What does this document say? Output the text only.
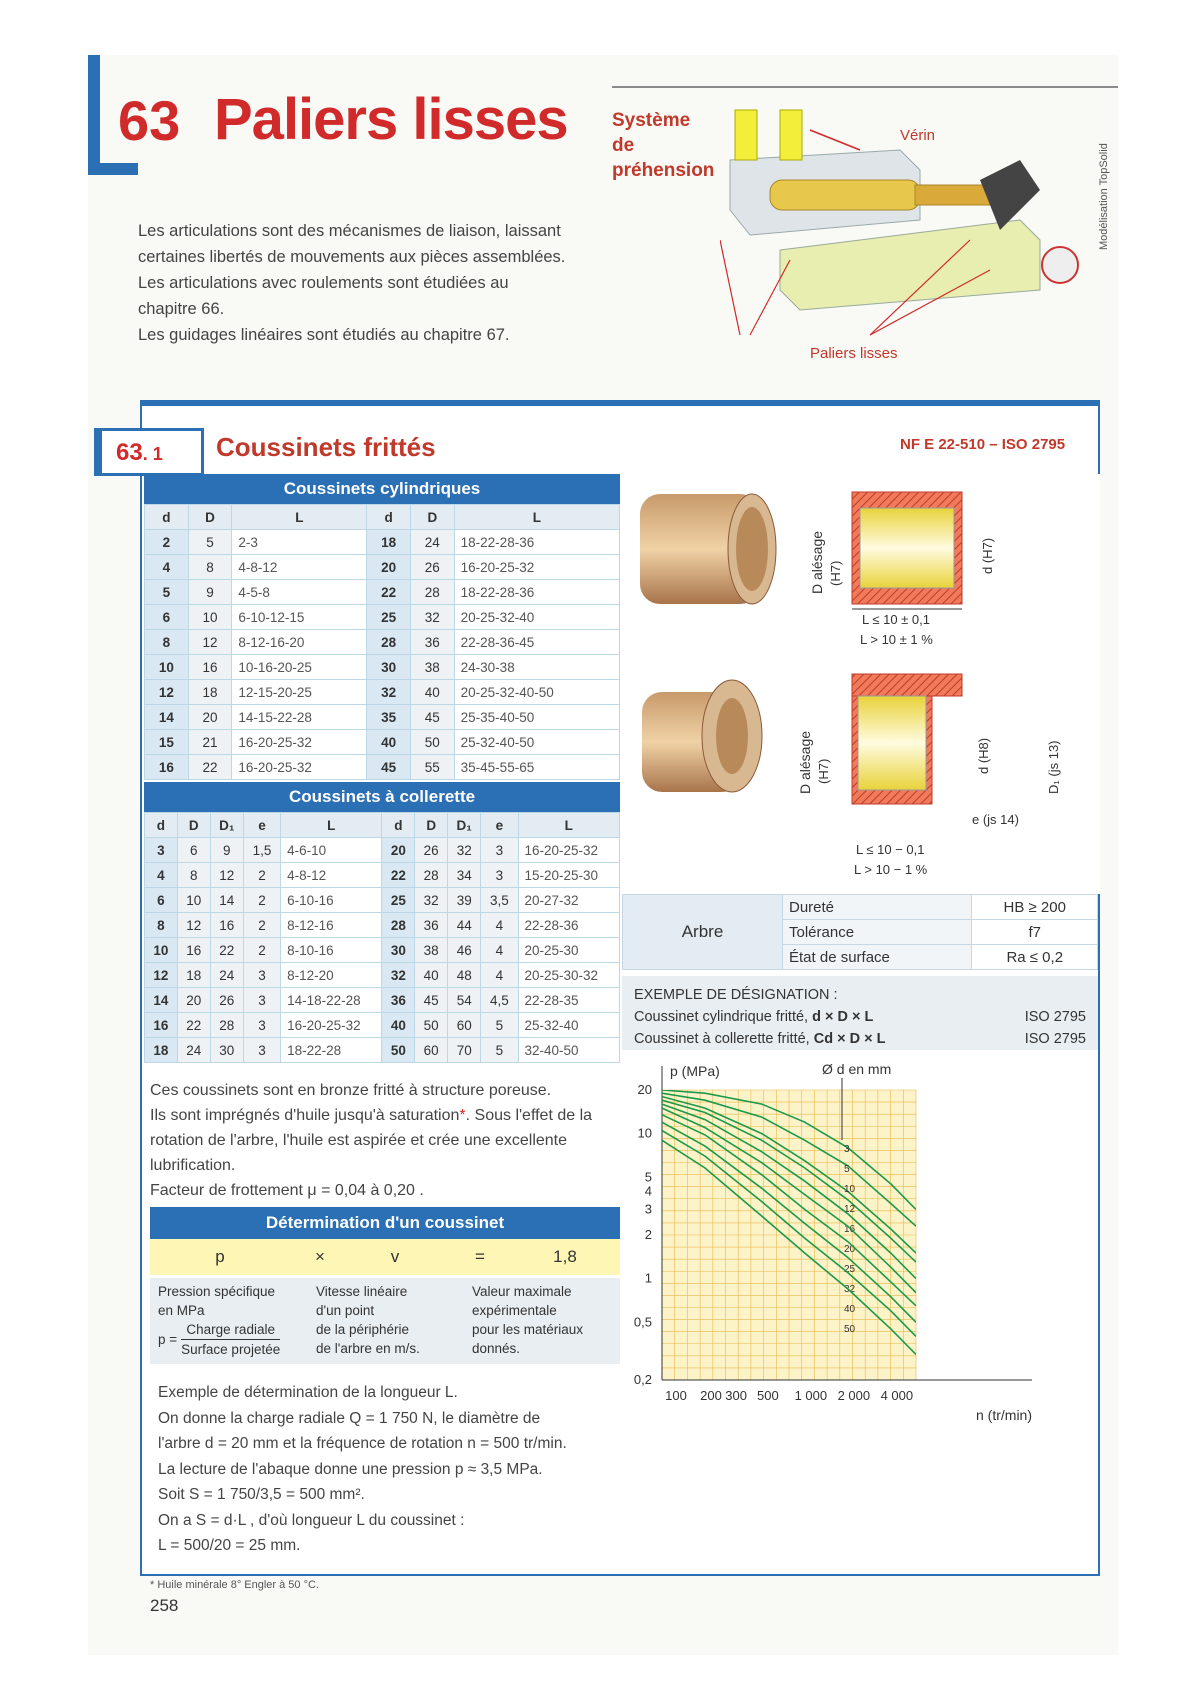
63 Paliers lisses

Les articulations sont des mécanismes de liaison, laissant

certaines libertés de mouvements aux pièces assemblées.

Les articulations avec roulements sont étudiées au

chapitre 66.

Les guidages linéaires sont étudiés au chapitre 67.

Système
de
préhension
Vérin
Paliers lisses
Modélisation TopSolid
63. 1	Coussinets frittés	NF E 22-510 – ISO 2795
Coussinets cylindriques
d	D	L	d	D	L
2	5	2-3	18	24	18-22-28-36
4	8	4-8-12	20	26	16-20-25-32
5	9	4-5-8	22	28	18-22-28-36
6	10	6-10-12-15	25	32	20-25-32-40
8	12	8-12-16-20	28	36	22-28-36-45
10	16	10-16-20-25	30	38	24-30-38
12	18	12-15-20-25	32	40	20-25-32-40-50
14	20	14-15-22-28	35	45	25-35-40-50
15	21	16-20-25-32	40	50	25-32-40-50
16	22	16-20-25-32	45	55	35-45-55-65
Coussinets à collerette
d	D	D₁	e	L	d	D	D₁	e	L
3	6	9	1,5	4-6-10	20	26	32	3	16-20-25-32
4	8	12	2	4-8-12	22	28	34	3	15-20-25-30
6	10	14	2	6-10-16	25	32	39	3,5	20-27-32
8	12	16	2	8-12-16	28	36	44	4	22-28-36
10	16	22	2	8-10-16	30	38	46	4	20-25-30
12	18	24	3	8-12-20	32	40	48	4	20-25-30-32
14	20	26	3	14-18-22-28	36	45	54	4,5	22-28-35
16	22	28	3	16-20-25-32	40	50	60	5	25-32-40
18	24	30	3	18-22-28	50	60	70	5	32-40-50
D alésage (H7)	d (H7)
L ≤ 10 ± 0,1
L > 10 ± 1 %
D alésage (H7)	d (H8)	D₁ (js 13)
e (js 14)
L ≤ 10 − 0,1
L > 10 − 1 %
Arbre	Dureté	HB ≥ 200
	Tolérance	f7
	État de surface	Ra ≤ 0,2
EXEMPLE DE DÉSIGNATION :
Coussinet cylindrique fritté, d × D × L	ISO 2795
Coussinet à collerette fritté, Cd × D × L	ISO 2795
Ces coussinets sont en bronze fritté à structure poreuse.
Ils sont imprégnés d'huile jusqu'à saturation*. Sous l'effet de la rotation de l'arbre, l'huile est aspirée et crée une excellente lubrification.
Facteur de frottement μ = 0,04 à 0,20 .
Détermination d'un coussinet
p	×	v	=	1,8
Pression spécifique
en MPa
p =
Charge radiale
Surface projetée
Vitesse linéaire
d'un point
de la périphérie
de l'arbre en m/s.
Valeur maximale
expérimentale
pour les matériaux
donnés.
Exemple de détermination de la longueur L.
On donne la charge radiale Q = 1 750 N, le diamètre de
l'arbre d = 20 mm et la fréquence de rotation n = 500 tr/min.
La lecture de l'abaque donne une pression p ≈ 3,5 MPa.
Soit S = 1 750/3,5 = 500 mm².
On a S = d·L , d'où longueur L du coussinet :
L = 500/20 = 25 mm.
3
5
10
12
16
20
25
32
40
50
0,2
0,5
1
2
3
4
5
10
20
100 200 300 500 1 000 2 000 4 000
p (MPa)	Ø d en mm
n (tr/min)
* Huile minérale 8° Engler à 50 °C.
258
